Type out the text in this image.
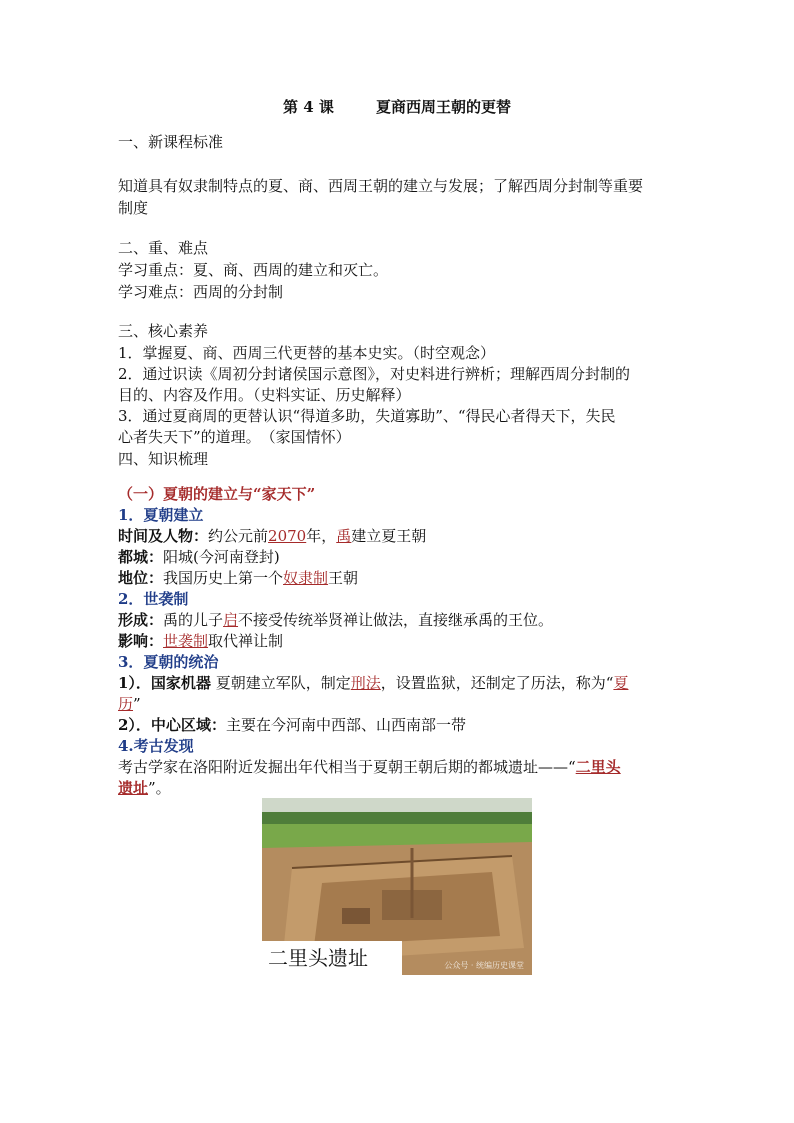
第 4 课	夏商西周王朝的更替
一、新课程标准
知道具有奴隶制特点的夏、商、西周王朝的建立与发展；了解西周分封制等重要
制度
二、重、难点
学习重点：夏、商、西周的建立和灭亡。
学习难点：西周的分封制
三、核心素养
1．掌握夏、商、西周三代更替的基本史实。（时空观念）
2．通过识读《周初分封诸侯国示意图》，对史料进行辨析；理解西周分封制的
目的、内容及作用。（史料实证、历史解释）
3．通过夏商周的更替认识“得道多助，失道寡助”、“得民心者得天下，失民
心者失天下”的道理。　（家国情怀）
四、知识梳理
（一）夏朝的建立与“家天下”
1．夏朝建立
时间及人物：约公元前2070年，禹建立夏王朝
都城：阳城(今河南登封)
地位：我国历史上第一个奴隶制王朝
2．世袭制
形成：禹的儿子启不接受传统举贤禅让做法，直接继承禹的王位。
影响：世袭制取代禅让制
3．夏朝的统治
1）．国家机器 夏朝建立军队，制定刑法，设置监狱，还制定了历法，称为“夏
历”
2）．中心区域：主要在今河南中西部、山西南部一带
4.考古发现
考古学家在洛阳附近发掘出年代相当于夏朝王朝后期的都城遗址——“二里头
遗址”。
二里头遗址	公众号 · 统编历史课堂
